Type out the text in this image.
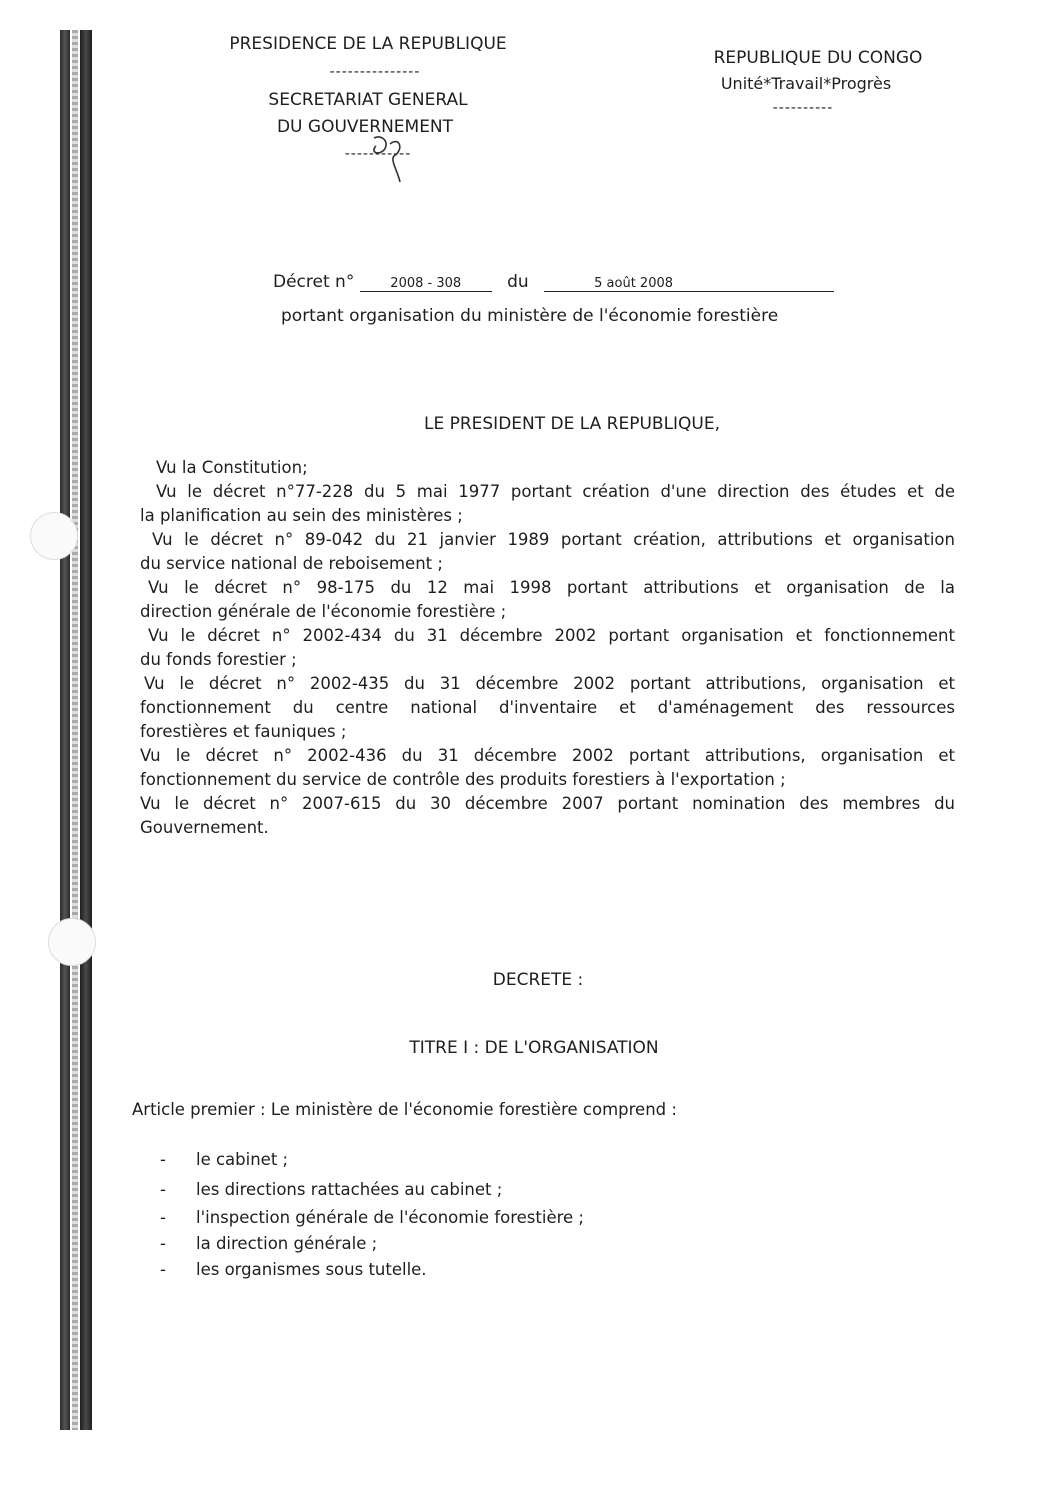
PRESIDENCE DE LA REPUBLIQUE
---------------
SECRETARIAT GENERAL
DU GOUVERNEMENT
-----------
REPUBLIQUE DU CONGO
Unité*Travail*Progrès
----------
Décret n°	2008 - 308	du	5 août 2008
portant organisation du ministère de l'économie forestière
LE PRESIDENT DE LA REPUBLIQUE,
Vu la Constitution;
Vu le décret n°77-228 du 5 mai 1977 portant création d'une direction des études et de
la planification au sein des ministères ;
Vu le décret n° 89-042 du 21 janvier 1989 portant création, attributions et organisation
du service national de reboisement ;
Vu le décret n° 98-175 du 12 mai 1998 portant attributions et organisation de la
direction générale de l'économie forestière ;
Vu le décret n° 2002-434 du 31 décembre 2002 portant organisation et fonctionnement
du fonds forestier ;
Vu le décret n° 2002-435 du 31 décembre 2002 portant attributions, organisation et
fonctionnement du centre national d'inventaire et d'aménagement des ressources
forestières et fauniques ;
Vu le décret n° 2002-436 du 31 décembre 2002 portant attributions, organisation et
fonctionnement du service de contrôle des produits forestiers à l'exportation ;
Vu le décret n° 2007-615 du 30 décembre 2007 portant nomination des membres du
Gouvernement.
DECRETE :
TITRE I : DE L'ORGANISATION
Article premier : Le ministère de l'économie forestière comprend :
- le cabinet ;
- les directions rattachées au cabinet ;
- l'inspection générale de l'économie forestière ;
- la direction générale ;
- les organismes sous tutelle.
